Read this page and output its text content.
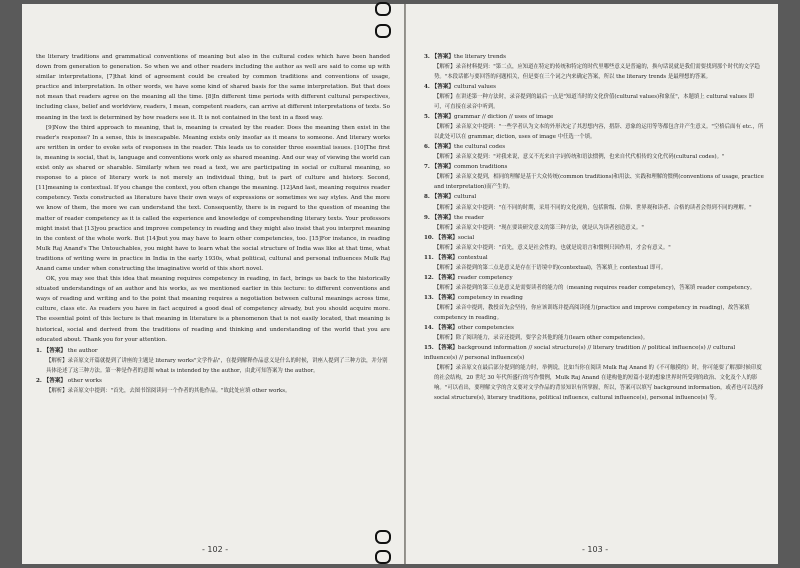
the literary traditions and grammatical conventions of meaning but also in the cultural codes which have been handed down from generation to generation. So when we and other readers including the author as well are said to come up with similar interpretations, [7]that kind of agreement could be created by common traditions and conventions of usage, practice and interpretation. In other words, we have some kind of shared basis for the same interpretation. But that does not mean that readers agree on the meaning all the time. [8]In different time periods with different cultural perspectives, including class, belief and worldview, readers, I mean, competent readers, can arrive at different interpretations of texts. So meaning in the text is determined by how readers see it. It is not contained in the text in a fixed way.

[9]Now the third approach to meaning, that is, meaning is created by the reader. Does the meaning then exist in the reader's response? In a sense, this is inescapable. Meaning exists only insofar as it means to someone. And literary works are written in order to evoke sets of responses in the reader. This leads us to consider three essential issues. [10]The first is, meaning is social, that is, language and conventions work only as shared meaning. And our way of viewing the world can exist only as shared or sharable. Similarly when we read a text, we are participating in social or cultural meaning, so response to a piece of literary work is not merely an individual thing, but is part of culture and history. Second, [11]meaning is contextual. If you change the context, you often change the meaning. [12]And last, meaning requires reader competency. Texts constructed as literature have their own ways of expressions or sometimes we say styles. And the more we know of them, the more we can understand the text. Consequently, there is in regard to the question of meaning the matter of reader competency as it is called the experience and knowledge of comprehending literary texts. Your professors might insist that [13]you practice and improve competency in reading and they might also insist that you interpret meaning in the context of the whole work. But [14]but you may have to learn other competencies, too. [15]For instance, in reading Mulk Raj Anand's The Untouchables, you might have to learn what the social structure of India was like at that time, what traditions of writing were in practice in India in the early 1930s, what political, cultural and personal influences Mulk Raj Anand came under when constructing the imaginative world of this short novel.

OK, you may see that this idea that meaning requires competency in reading, in fact, brings us back to the historically situated understandings of an author and his works, as we mentioned earlier in this lecture: to different conventions and ways of reading and writing and to the point that meaning requires a negotiation between cultural meanings across time, culture, class etc. As readers you have in fact acquired a good deal of competency already, but you should acquire more. The essential point of this lecture is that meaning in literature is a phenomenon that is not easily located, that meaning is historical, social and derived from the traditions of reading and thinking and understanding of the world that you are educated about. Thank you for your attention.

1. 【答案】 the author

【解析】录音原文开篇就提到了讲座的主题是 literary works"文学作品"，在提到解释作品意义是什么的时候，讲座人提到了三种方法，并分别具体论述了这三种方法。第一种是作者的意图 what is intended by the author，由此可知答案为 the author。

2. 【答案】 other works

【解析】录音原文中提到："首先，去图书馆阅读同一个作者的其他作品。"故此处应填 other works。

- 102 -

3. 【答案】the literary trends

【解析】录音材料提到："第二点，应知道在特定的传统和特定的时代里哪些意义是普遍的，换句话说就是我们需要找到那个时代的文学趋势。"本段话都与要回答的问题相关，但是要在三个词之内来确定答案，所以 the literary trends 是最理想的答案。

4. 【答案】cultural values

【解析】在讲述第一种方法时，录音提到的最后一点是"知道当时的文化价值(cultural values)和象征"，本题填上 cultural values 即可，可直接在录音中听到。

5. 【答案】grammar // diction // uses of image

【解析】录音原文中提到："一些学者认为文本的外形决定了其思想内容，措辞、意象的运用等等都包含并产生意义。"空格后面有 etc.，所以此处可以在 grammar, diction, uses of image 中任选一个填。

6. 【答案】the cultural codes

【解析】录音原文提到："对我来说，意义不光来自字词传统和语法惯例，也来自代代相传的文化代码(cultural codes)。"

7. 【答案】common traditions

【解析】录音原文提到，相同的理解是基于大众传统(common traditions)和用法、实践和理解的惯例(conventions of usage, practice and interpretation)而产生的。

8. 【答案】cultural

【解析】录音原文中提到："在不同的时期，采用不同的文化视角，包括阶级、信仰、世界观和读者、合格的读者会得到不同的理解。"

9. 【答案】the reader

【解析】录音原文中提到："现在要谈研究意义的第三种方法，就是认为读者创造意义。"

10. 【答案】social

【解析】录音原文中提到："首先，意义是社会性的，也就是说语言和惯例只因作用，才会有意义。"

11. 【答案】contextual

【解析】录音提到的第二点是意义是存在于语境中的(contextual)，答案填上 contextual 即可。

12. 【答案】reader competency

【解析】录音提到的第三点是意义是需要读者的能力的（meaning requires reader competency)，答案填 reader competency。

13. 【答案】competency in reading

【解析】录音中提到，教授首先会坚持，你应该训练并提高阅读能力(practice and improve competency in reading)，故答案填 competency in reading。

14. 【答案】other competencies

【解析】除了阅读能力，录音还提到，要学会其他的能力(learn other competencies)。

15. 【答案】background information // social structure(s) // literary tradition // political influence(s) // cultural influence(s) // personal influence(s)

【解析】录音原文在最后部分提到的能力时，举例说，比如当你在阅读 Mulk Raj Anand 的《不可触摸的》时，你可能要了解那时候印度的社会结构，20 世纪 30 年代所盛行的写作惯例，Mulk Raj Anand 在建构他的短篇小说的想象世界时所受到的政治、文化及个人的影响。"可以看出，要理解文学的含义要对文学作品的背景知识有所掌握，所以，答案可以填写 background information，或者也可以选择 social structure(s), literary traditions, political influence, cultural influence(s), personal influence(s) 等。

- 103 -
